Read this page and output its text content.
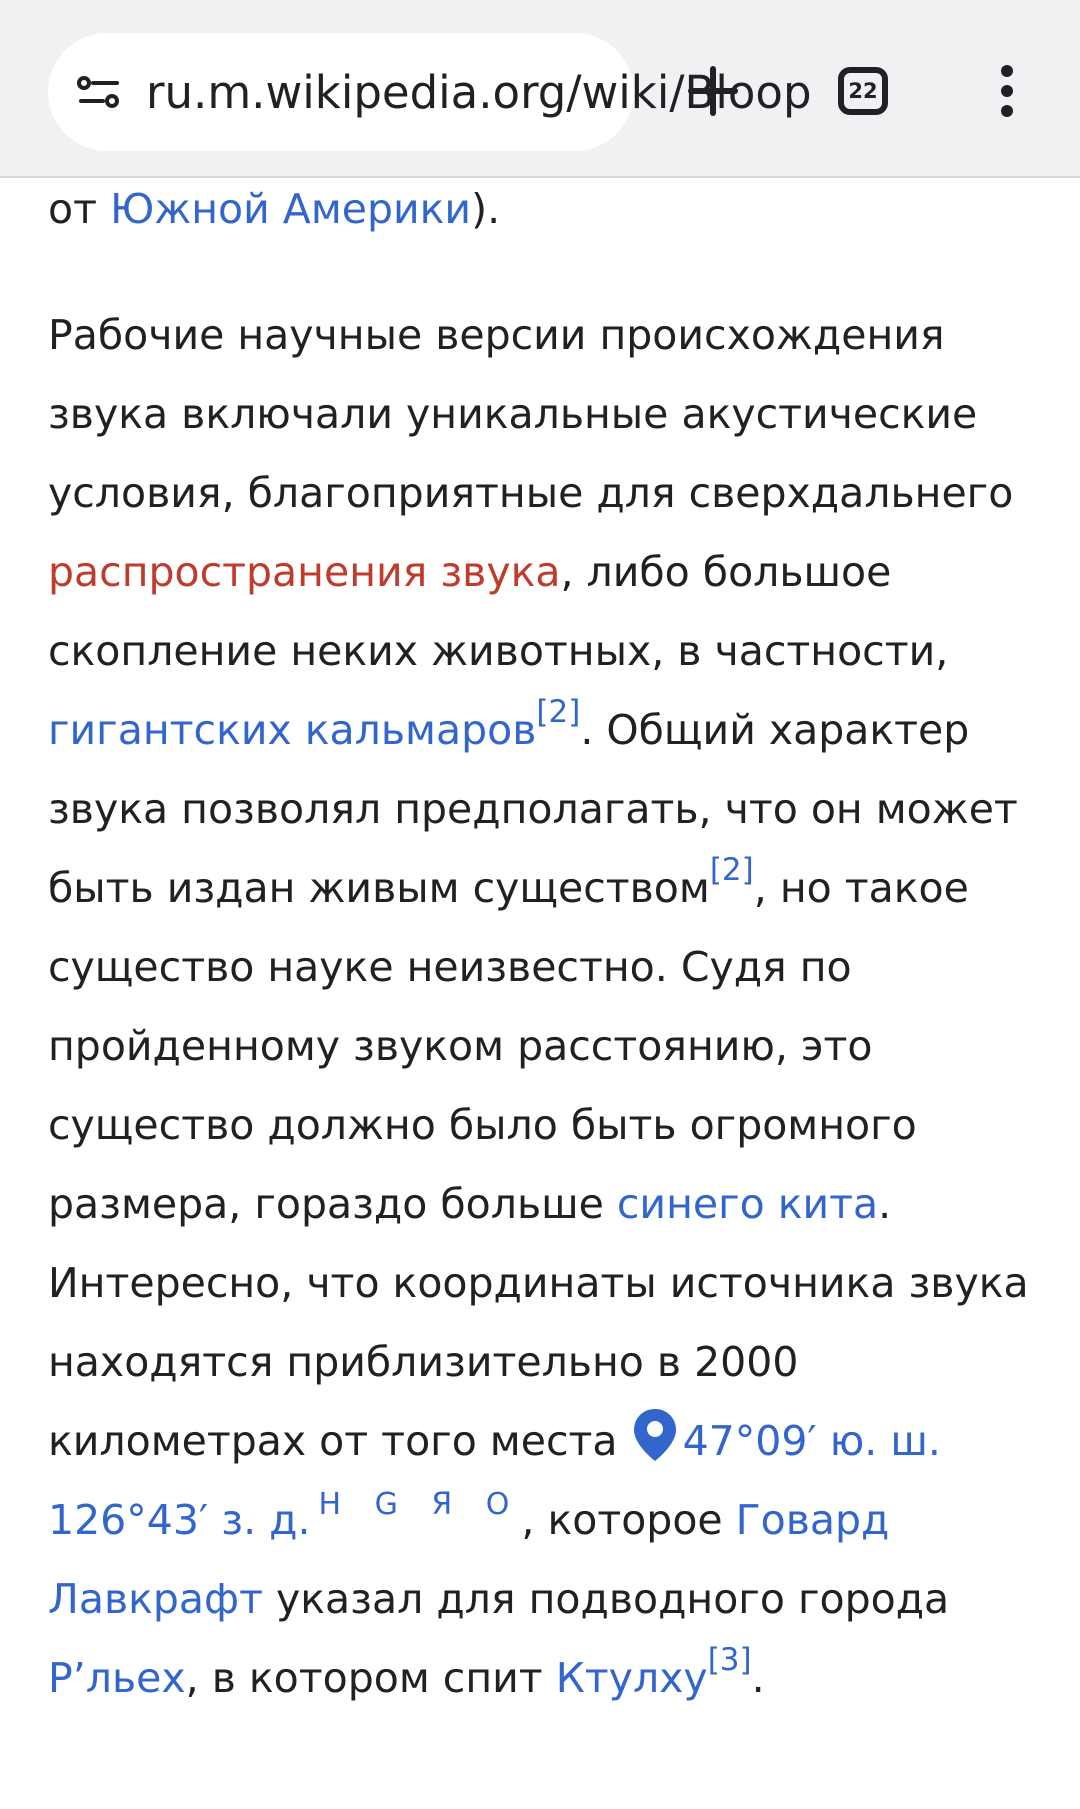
ru.m.wikipedia.org/wiki/Bloop	22

от Южной Америки).

Рабочие научные версии происхождения звука включали уникальные акустические условия, благоприятные для сверхдальнего распространения звука, либо большое скопление неких животных, в частности, гигантских кальмаров[2]. Общий характер звука позволял предполагать, что он может быть издан живым существом[2], но такое существо науке неизвестно. Судя по пройденному звуком расстоянию, это существо должно было быть огромного размера, гораздо больше синего кита. Интересно, что координаты источника звука находятся приблизительно в 2000 километрах от того места 47°09′ ю. ш. 126°43′ з. д. $^{H G Я O}$, которое Говард Лавкрафт указал для подводного города Р’льех, в котором спит Ктулху[3].
